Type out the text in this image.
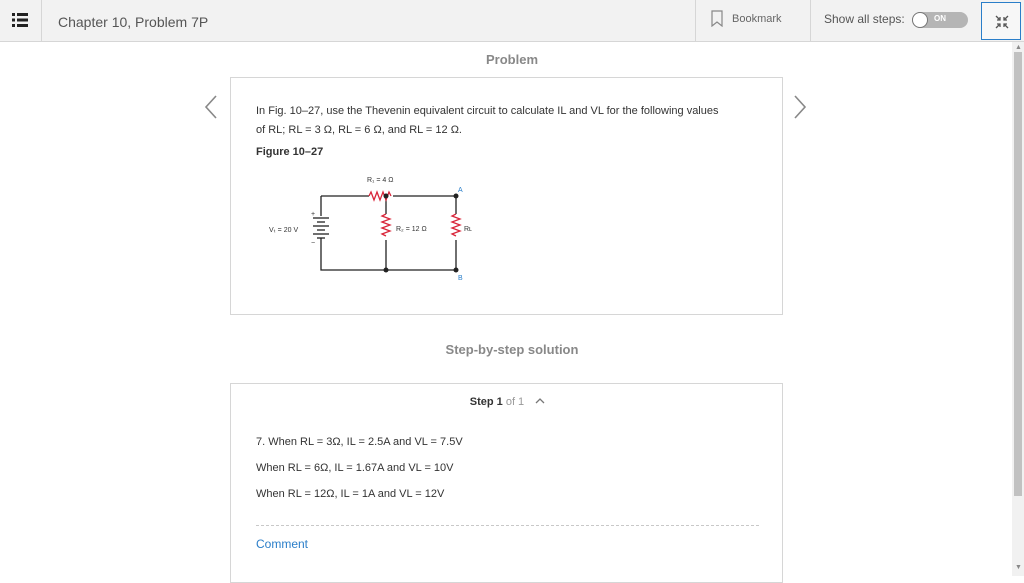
Chapter 10, Problem 7P	Bookmark	Show all steps:	ON
▲
▼
Problem
In Fig. 10–27, use the Thevenin equivalent circuit to calculate IL and VL for the following values
of RL; RL = 3 Ω, RL = 6 Ω, and RL = 12 Ω.
Figure 10–27
R₁ = 4 Ω
Vₜ = 20 V
+
−
R₂ = 12 Ω	Rʟ
A
B
Step-by-step solution
Step 1 of 1
7. When RL = 3Ω, IL = 2.5A and VL = 7.5V
When RL = 6Ω, IL = 1.67A and VL = 10V
When RL = 12Ω, IL = 1A and VL = 12V
Comment
